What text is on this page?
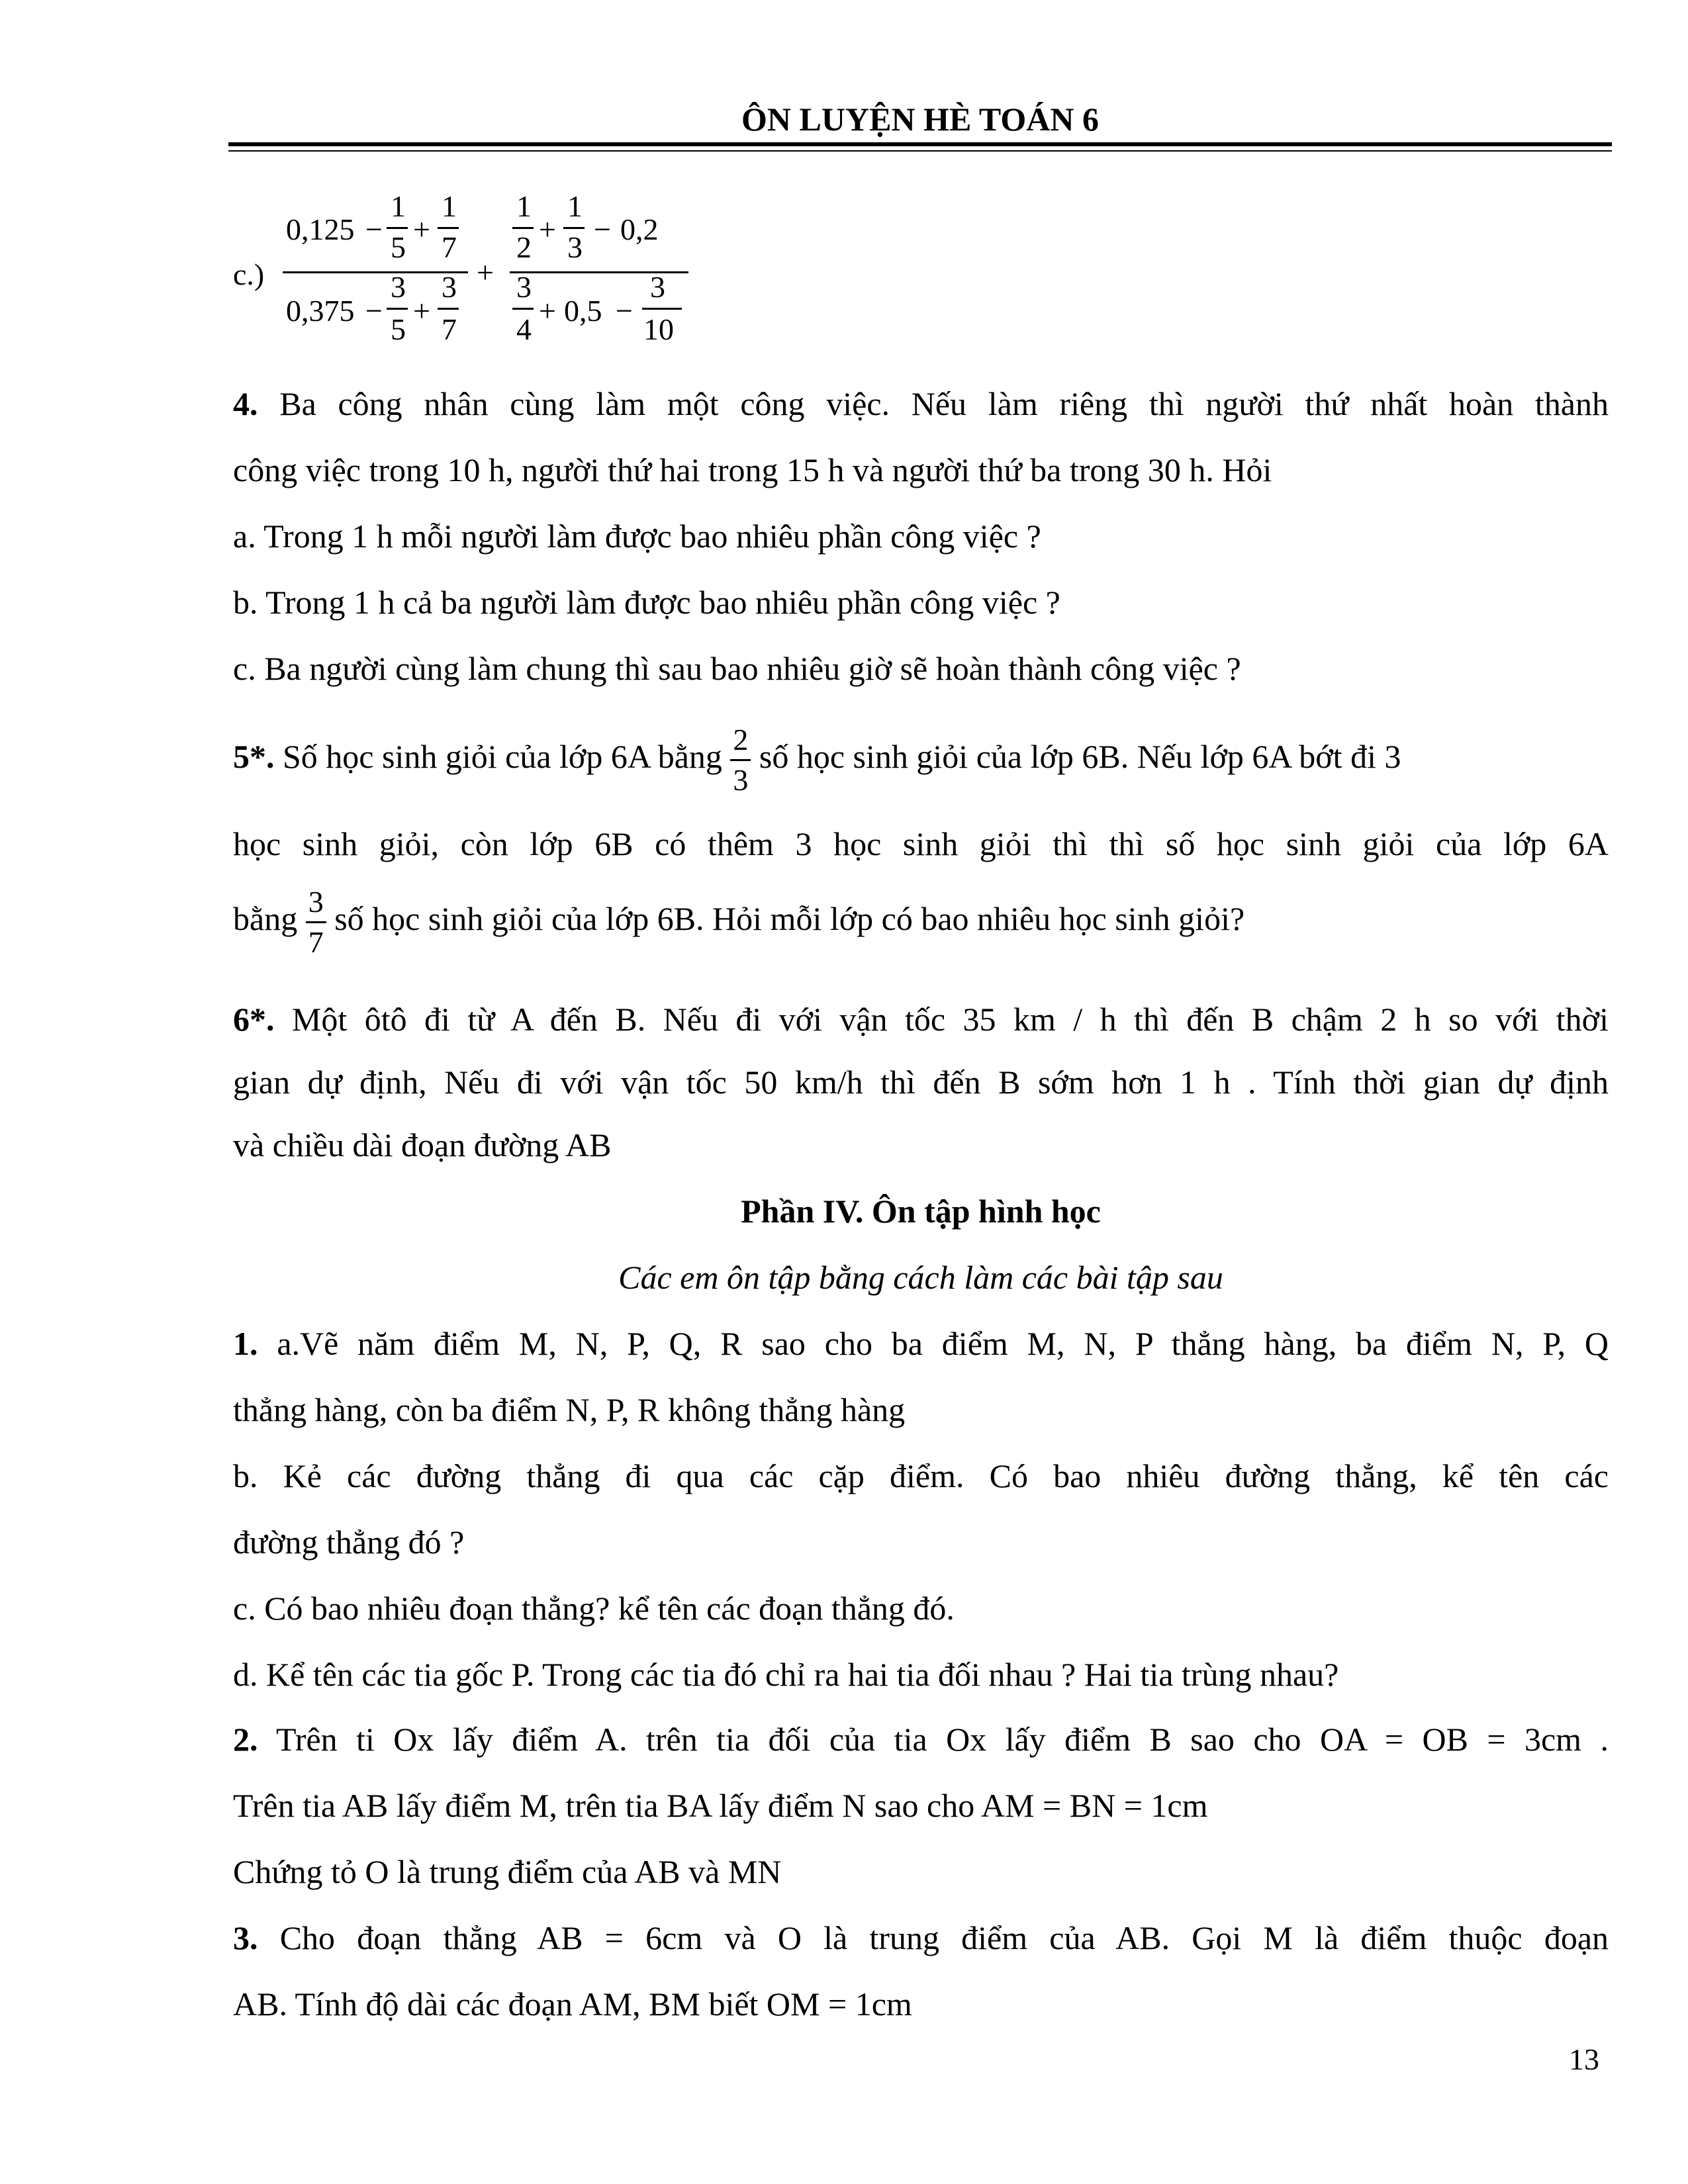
ÔN LUYỆN HÈ TOÁN 6
c.)
0,125 −
1
5
+
1
7
0,375 −
3
5
+
3
7
+
1
2
+
1
3
− 0,2
3
4
+ 0,5 −
3
10
4. Ba công nhân cùng làm một công việc. Nếu làm riêng thì người thứ nhất hoàn thành
công việc trong 10 h, người thứ hai trong 15 h và người thứ ba trong 30 h. Hỏi
a. Trong 1 h mỗi người làm được bao nhiêu phần công việc ?
b. Trong 1 h cả ba người làm được bao nhiêu phần công việc ?
c. Ba người cùng làm chung thì sau bao nhiêu giờ sẽ hoàn thành công việc ?
5*. Số học sinh giỏi của lớp 6A bằng $\frac{2}{3}$ số học sinh giỏi của lớp 6B. Nếu lớp 6A bớt đi 3
học sinh giỏi, còn lớp 6B có thêm 3 học sinh giỏi thì thì số học sinh giỏi của lớp 6A
bằng $\frac{3}{7}$ số học sinh giỏi của lớp 6B. Hỏi mỗi lớp có bao nhiêu học sinh giỏi?
6*. Một ôtô đi từ A đến B. Nếu đi với vận tốc 35 km / h thì đến B chậm 2 h so với thời
gian dự định, Nếu đi với vận tốc 50 km/h thì đến B sớm hơn 1 h . Tính thời gian dự định
và chiều dài đoạn đường AB
Phần IV. Ôn tập hình học
Các em ôn tập bằng cách làm các bài tập sau
1. a.Vẽ năm điểm M, N, P, Q, R sao cho ba điểm M, N, P thẳng hàng, ba điểm N, P, Q
thẳng hàng, còn ba điểm N, P, R không thẳng hàng
b. Kẻ các đường thẳng đi qua các cặp điểm. Có bao nhiêu đường thẳng, kể tên các
đường thẳng đó ?
c. Có bao nhiêu đoạn thẳng? kể tên các đoạn thẳng đó.
d. Kể tên các tia gốc P. Trong các tia đó chỉ ra hai tia đối nhau ? Hai tia trùng nhau?
2. Trên ti Ox lấy điểm A. trên tia đối của tia Ox lấy điểm B sao cho OA = OB = 3cm .
Trên tia AB lấy điểm M, trên tia BA lấy điểm N sao cho AM = BN = 1cm
Chứng tỏ O là trung điểm của AB và MN
3. Cho đoạn thẳng AB = 6cm và O là trung điểm của AB. Gọi M là điểm thuộc đoạn
AB. Tính độ dài các đoạn AM, BM biết OM = 1cm
13
